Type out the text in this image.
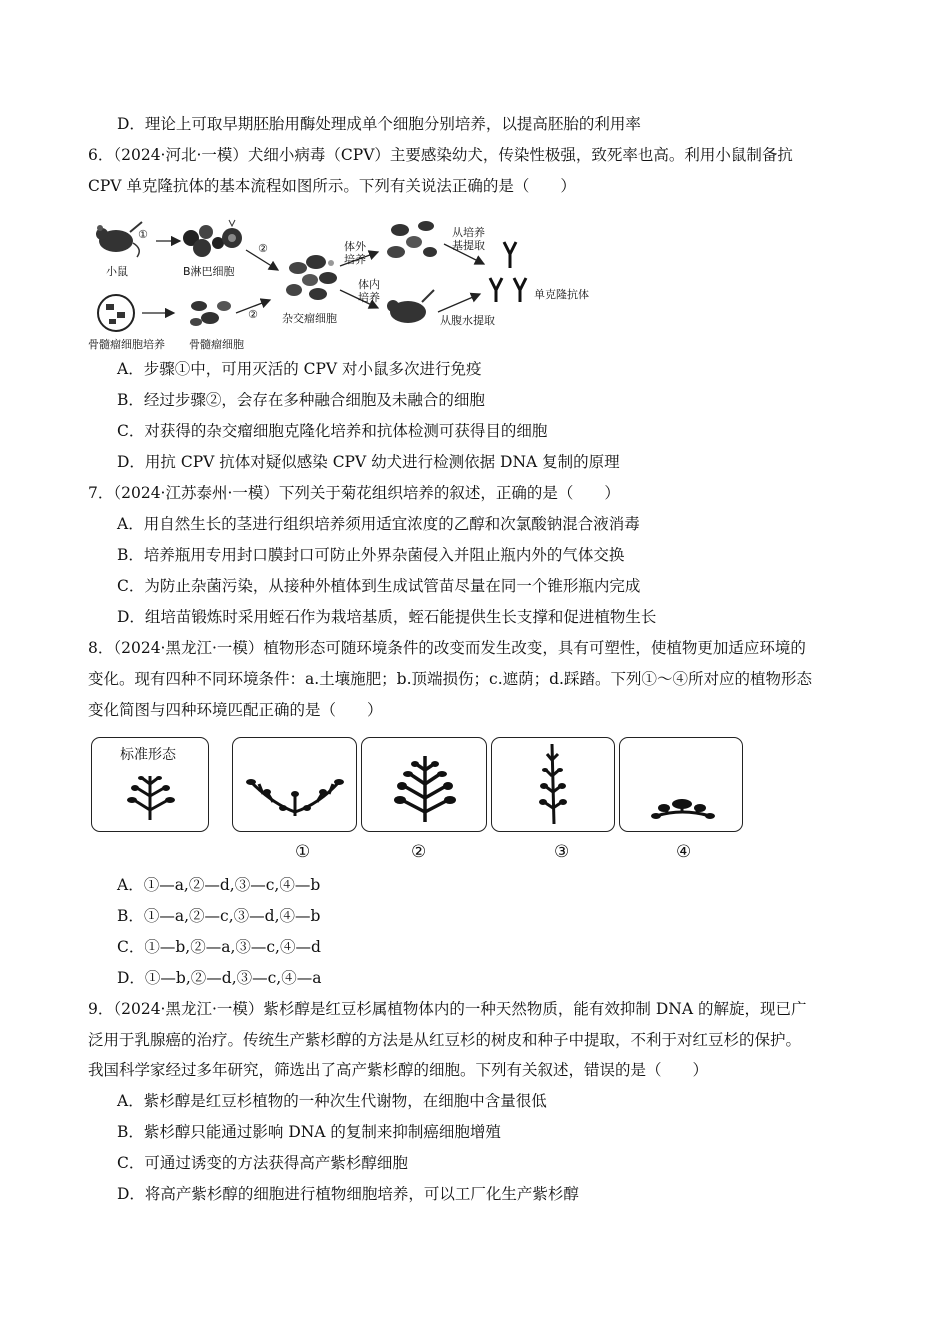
D．理论上可取早期胚胎用酶处理成单个细胞分别培养，以提高胚胎的利用率
6．（2024·河北·一模）犬细小病毒（CPV）主要感染幼犬，传染性极强，致死率也高。利用小鼠制备抗
CPV 单克隆抗体的基本流程如图所示。下列有关说法正确的是（　　）
小鼠	B淋巴细胞
骨髓瘤细胞培养 骨髓瘤细胞
杂交瘤细胞
体外培养
体内培养
从培养基提取
从腹水提取
单克隆抗体
①
②
②
A．步骤①中，可用灭活的 CPV 对小鼠多次进行免疫
B．经过步骤②，会存在多种融合细胞及未融合的细胞
C．对获得的杂交瘤细胞克隆化培养和抗体检测可获得目的细胞
D．用抗 CPV 抗体对疑似感染 CPV 幼犬进行检测依据 DNA 复制的原理
7．（2024·江苏泰州·一模）下列关于菊花组织培养的叙述，正确的是（　　）
A．用自然生长的茎进行组织培养须用适宜浓度的乙醇和次氯酸钠混合液消毒
B．培养瓶用专用封口膜封口可防止外界杂菌侵入并阻止瓶内外的气体交换
C．为防止杂菌污染，从接种外植体到生成试管苗尽量在同一个锥形瓶内完成
D．组培苗锻炼时采用蛭石作为栽培基质，蛭石能提供生长支撑和促进植物生长
8．（2024·黑龙江·一模）植物形态可随环境条件的改变而发生改变，具有可塑性，使植物更加适应环境的
变化。现有四种不同环境条件：a.土壤施肥；b.顶端损伤；c.遮荫；d.踩踏。下列①～④所对应的植物形态
变化简图与四种环境匹配正确的是（　　）
标准形态
①	②	③	④
A．①—a,②—d,③—c,④—b
B．①—a,②—c,③—d,④—b
C．①—b,②—a,③—c,④—d
D．①—b,②—d,③—c,④—a
9．（2024·黑龙江·一模）紫杉醇是红豆杉属植物体内的一种天然物质，能有效抑制 DNA 的解旋，现已广
泛用于乳腺癌的治疗。传统生产紫杉醇的方法是从红豆杉的树皮和种子中提取，不利于对红豆杉的保护。
我国科学家经过多年研究，筛选出了高产紫杉醇的细胞。下列有关叙述，错误的是（　　）
A．紫杉醇是红豆杉植物的一种次生代谢物，在细胞中含量很低
B．紫杉醇只能通过影响 DNA 的复制来抑制癌细胞增殖
C．可通过诱变的方法获得高产紫杉醇细胞
D．将高产紫杉醇的细胞进行植物细胞培养，可以工厂化生产紫杉醇
